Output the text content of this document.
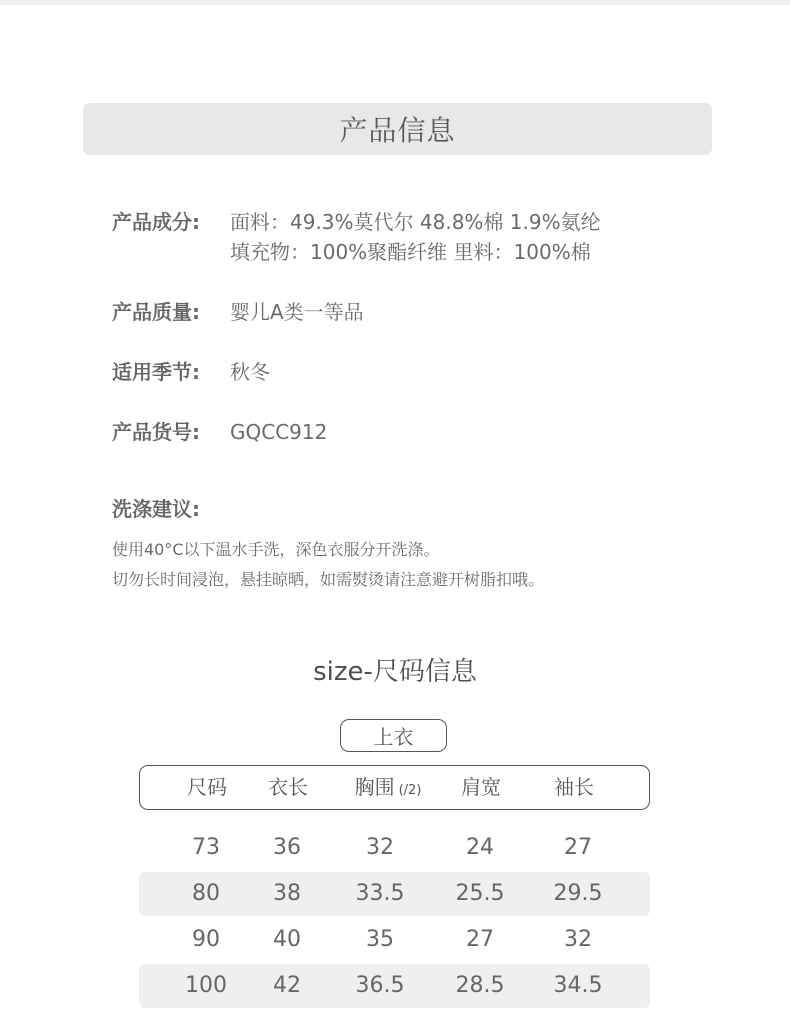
产品信息
产品成分:	面料：49.3%莫代尔 48.8%棉 1.9%氨纶
填充物：100%聚酯纤维 里料：100%棉
产品质量:	婴儿A类一等品
适用季节:	秋冬
产品货号:	GQCC912
洗涤建议:
使用40°C以下温水手洗，深色衣服分开洗涤。
切勿长时间浸泡，悬挂晾晒，如需熨烫请注意避开树脂扣哦。
size-尺码信息
上衣
尺码 衣长 胸围 (/2) 肩宽	袖长
73 36	32	24	27
80 38 33.5 25.5 29.5
90 40	35	27	32
100 42 36.5 28.5 34.5
